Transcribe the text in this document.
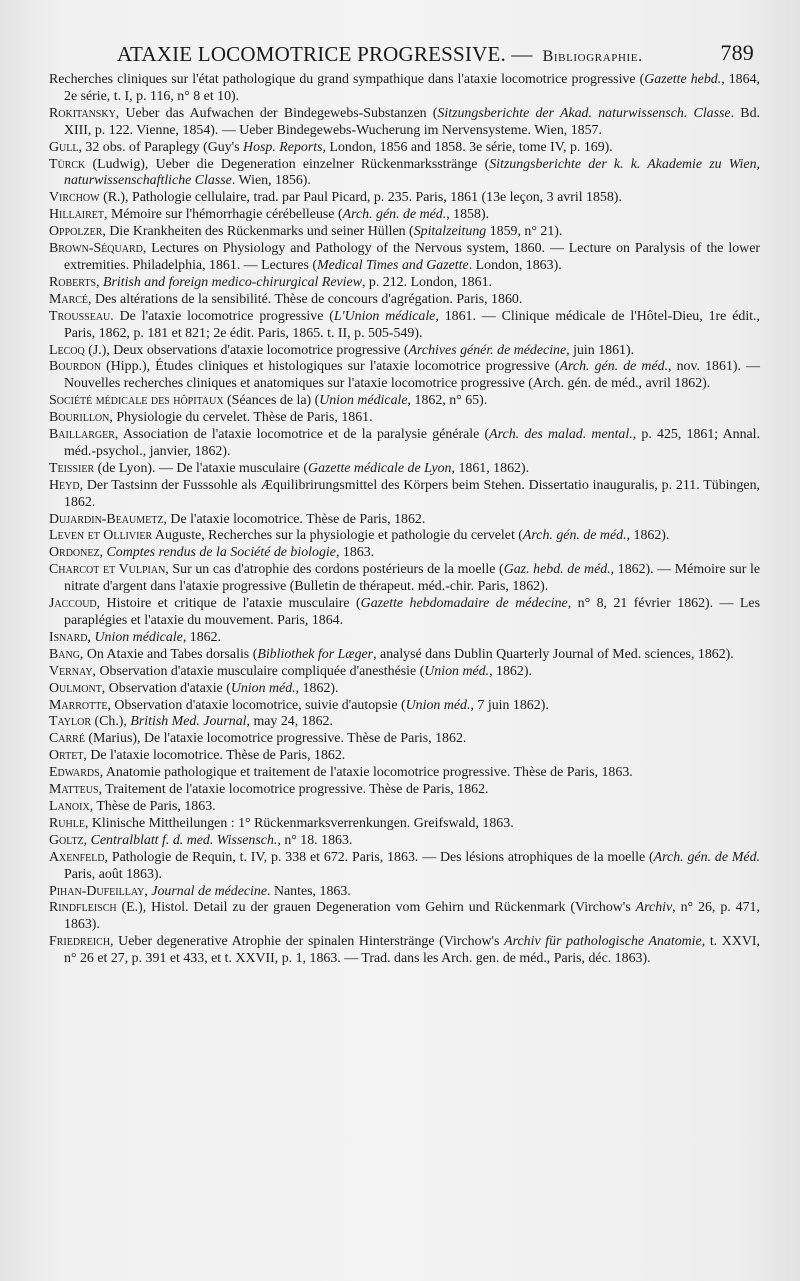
ATAXIE LOCOMOTRICE PROGRESSIVE. — Bibliographie.	789

Recherches cliniques sur l'état pathologique du grand sympathique dans l'ataxie locomotrice progressive (Gazette hebd., 1864, 2e série, t. I, p. 116, n° 8 et 10).

Rokitansky, Ueber das Aufwachen der Bindegewebs-Substanzen (Sitzungsberichte der Akad. naturwissensch. Classe. Bd. XIII, p. 122. Vienne, 1854). — Ueber Bindegewebs-Wucherung im Nervensysteme. Wien, 1857.

Gull, 32 obs. of Paraplegy (Guy's Hosp. Reports, London, 1856 and 1858. 3e série, tome IV, p. 169).

Türck (Ludwig), Ueber die Degeneration einzelner Rückenmarksstränge (Sitzungsberichte der k. k. Akademie zu Wien, naturwissenschaftliche Classe. Wien, 1856).

Virchow (R.), Pathologie cellulaire, trad. par Paul Picard, p. 235. Paris, 1861 (13e leçon, 3 avril 1858).

Hillairet, Mémoire sur l'hémorrhagie cérébelleuse (Arch. gén. de méd., 1858).

Oppolzer, Die Krankheiten des Rückenmarks und seiner Hüllen (Spitalzeitung 1859, n° 21).

Brown-Séquard, Lectures on Physiology and Pathology of the Nervous system, 1860. — Lecture on Paralysis of the lower extremities. Philadelphia, 1861. — Lectures (Medical Times and Gazette. London, 1863).

Roberts, British and foreign medico-chirurgical Review, p. 212. London, 1861.

Marcé, Des altérations de la sensibilité. Thèse de concours d'agrégation. Paris, 1860.

Trousseau. De l'ataxie locomotrice progressive (L'Union médicale, 1861. — Clinique médicale de l'Hôtel-Dieu, 1re édit., Paris, 1862, p. 181 et 821; 2e édit. Paris, 1865. t. II, p. 505-549).

Lecoq (J.), Deux observations d'ataxie locomotrice progressive (Archives génér. de médecine, juin 1861).

Bourdon (Hipp.), Études cliniques et histologiques sur l'ataxie locomotrice progressive (Arch. gén. de méd., nov. 1861). — Nouvelles recherches cliniques et anatomiques sur l'ataxie locomotrice progressive (Arch. gén. de méd., avril 1862).

Société médicale des hôpitaux (Séances de la) (Union médicale, 1862, n° 65).

Bourillon, Physiologie du cervelet. Thèse de Paris, 1861.

Baillarger, Association de l'ataxie locomotrice et de la paralysie générale (Arch. des malad. mental., p. 425, 1861; Annal. méd.-psychol., janvier, 1862).

Teissier (de Lyon). — De l'ataxie musculaire (Gazette médicale de Lyon, 1861, 1862).

Heyd, Der Tastsinn der Fusssohle als Æquilibrirungsmittel des Körpers beim Stehen. Dissertatio inauguralis, p. 211. Tübingen, 1862.

Dujardin-Beaumetz, De l'ataxie locomotrice. Thèse de Paris, 1862.

Leven et Ollivier Auguste, Recherches sur la physiologie et pathologie du cervelet (Arch. gén. de méd., 1862).

Ordonez, Comptes rendus de la Société de biologie, 1863.

Charcot et Vulpian, Sur un cas d'atrophie des cordons postérieurs de la moelle (Gaz. hebd. de méd., 1862). — Mémoire sur le nitrate d'argent dans l'ataxie progressive (Bulletin de thérapeut. méd.-chir. Paris, 1862).

Jaccoud, Histoire et critique de l'ataxie musculaire (Gazette hebdomadaire de médecine, n° 8, 21 février 1862). — Les paraplégies et l'ataxie du mouvement. Paris, 1864.

Isnard, Union médicale, 1862.

Bang, On Ataxie and Tabes dorsalis (Bibliothek for Læger, analysé dans Dublin Quarterly Journal of Med. sciences, 1862).

Vernay, Observation d'ataxie musculaire compliquée d'anesthésie (Union méd., 1862).

Oulmont, Observation d'ataxie (Union méd., 1862).

Marrotte, Observation d'ataxie locomotrice, suivie d'autopsie (Union méd., 7 juin 1862).

Taylor (Ch.), British Med. Journal, may 24, 1862.

Carré (Marius), De l'ataxie locomotrice progressive. Thèse de Paris, 1862.

Ortet, De l'ataxie locomotrice. Thèse de Paris, 1862.

Edwards, Anatomie pathologique et traitement de l'ataxie locomotrice progressive. Thèse de Paris, 1863.

Matteus, Traitement de l'ataxie locomotrice progressive. Thèse de Paris, 1862.

Lanoix, Thèse de Paris, 1863.

Ruhle, Klinische Mittheilungen : 1° Rückenmarksverrenkungen. Greifswald, 1863.

Goltz, Centralblatt f. d. med. Wissensch., n° 18. 1863.

Axenfeld, Pathologie de Requin, t. IV, p. 338 et 672. Paris, 1863. — Des lésions atrophiques de la moelle (Arch. gén. de Méd. Paris, août 1863).

Pihan-Dufeillay, Journal de médecine. Nantes, 1863.

Rindfleisch (E.), Histol. Detail zu der grauen Degeneration vom Gehirn und Rückenmark (Virchow's Archiv, n° 26, p. 471, 1863).

Friedreich, Ueber degenerative Atrophie der spinalen Hinterstränge (Virchow's Archiv für pathologische Anatomie, t. XXVI, n° 26 et 27, p. 391 et 433, et t. XXVII, p. 1, 1863. — Trad. dans les Arch. gen. de méd., Paris, déc. 1863).
